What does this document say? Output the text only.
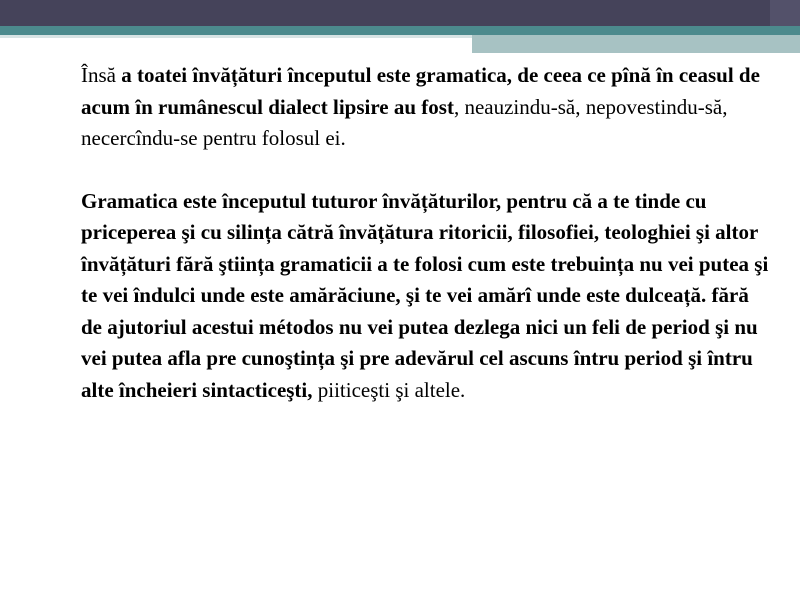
Însă a toatei învățături începutul este gramatica, de ceea ce pînă în ceasul de acum în rumânescul dialect lipsire au fost, neauzindu-să, nepovestindu-să, necercîndu-se pentru folosul ei.

Gramatica este începutul tuturor învățăturilor, pentru că a te tinde cu priceperea şi cu silința cătră învățătura ritoricii, filosofiei, teologhiei şi altor învățături fără ştiința gramaticii a te folosi cum este trebuința nu vei putea şi te vei îndulci unde este amărăciune, şi te vei amărî unde este dulceață. fără de ajutoriul acestui métodos nu vei putea dezlega nici un feli de period şi nu vei putea afla pre cunoştința şi pre adevărul cel ascuns întru period şi întru alte încheieri sintacticeşti, piiticeşti şi altele.
